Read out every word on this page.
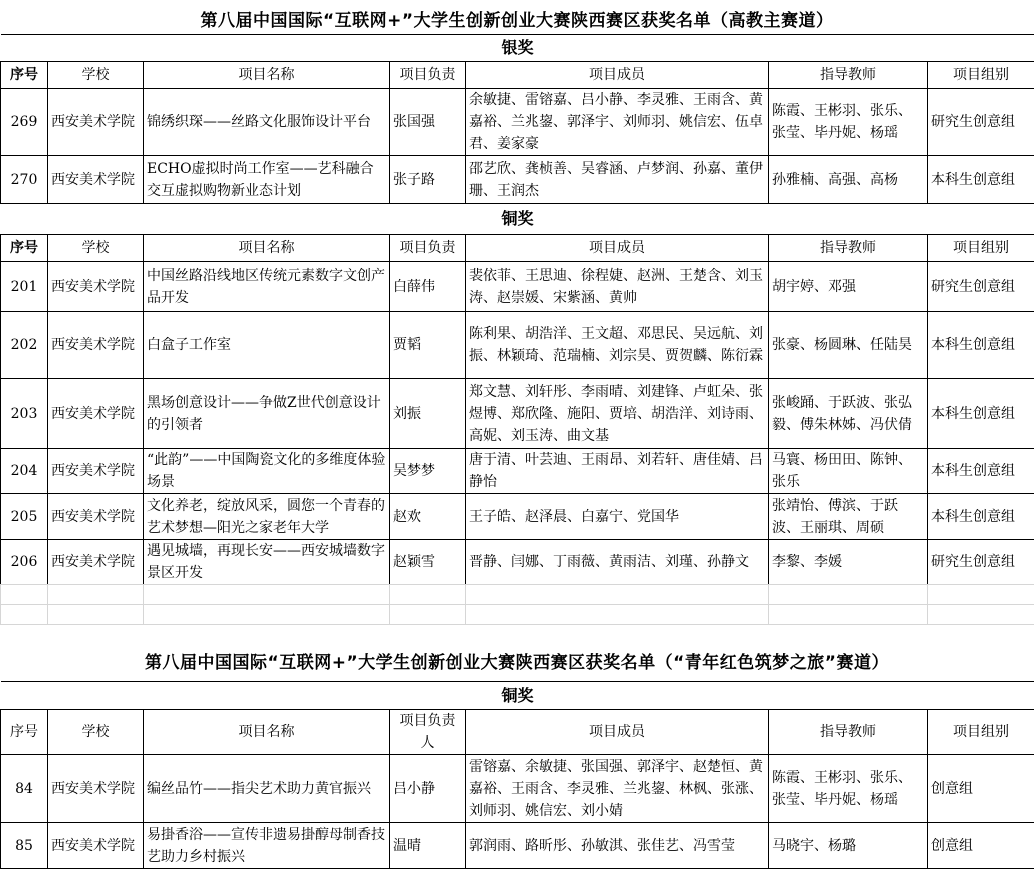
第八届中国国际“互联网+”大学生创新创业大赛陕西赛区获奖名单（高教主赛道）
银奖						
序号	学校	项目名称	项目负责	项目成员	指导教师	项目组别
269	西安美术学院	锦绣织琛——丝路文化服饰设计平台	张国强	余敏捷、雷镕嘉、吕小静、李灵雅、王雨含、黄嘉裕、兰兆鋆、郭泽宇、刘师羽、姚信宏、伍卓君、姜家豪	陈霞、王彬羽、张乐、张莹、毕丹妮、杨瑶	研究生创意组
270	西安美术学院	ECHO虚拟时尚工作室——艺科融合交互虚拟购物新业态计划	张子路	邵艺欣、龚桢善、吴睿涵、卢梦润、孙嘉、董伊珊、王润杰	孙雅楠、高强、高杨	本科生创意组
铜奖						
序号	学校	项目名称	项目负责	项目成员	指导教师	项目组别
201	西安美术学院	中国丝路沿线地区传统元素数字文创产品开发	白薛伟	裴依菲、王思迪、徐程婕、赵洲、王楚含、刘玉涛、赵崇媛、宋紫涵、黄帅	胡宇婷、邓强	研究生创意组
202	西安美术学院	白盒子工作室	贾韬	陈利果、胡浩洋、王文超、邓思民、吴远航、刘振、林颖琦、范瑞楠、刘宗昊、贾贺麟、陈衍霖	张豪、杨圆琳、任陆昊	本科生创意组
203	西安美术学院	黑场创意设计——争做Z世代创意设计的引领者	刘振	郑文慧、刘轩彤、李雨晴、刘建锋、卢虹朵、张煜博、郑欣隆、施阳、贾培、胡浩洋、刘诗雨、高妮、刘玉涛、曲文基	张峻踊、于跃波、张弘毅、傅朱林姊、冯伏倩	本科生创意组
204	西安美术学院	“此韵”——中国陶瓷文化的多维度体验场景	吴梦梦	唐于清、叶芸迪、王雨昂、刘若轩、唐佳婧、吕静怡	马寰、杨田田、陈钟、张乐	本科生创意组
205	西安美术学院	文化养老，绽放风采，圆您一个青春的艺术梦想—阳光之家老年大学	赵欢	王子皓、赵泽晨、白嘉宁、党国华	张靖怡、傅滨、于跃波、王丽琪、周硕	本科生创意组
206	西安美术学院	遇见城墙，再现长安——西安城墙数字景区开发	赵颖雪	晋静、闫娜、丁雨薇、黄雨洁、刘瑾、孙静文	李黎、李媛	研究生创意组

第八届中国国际“互联网+”大学生创新创业大赛陕西赛区获奖名单（“青年红色筑梦之旅”赛道）
铜奖						
序号	学校	项目名称	项目负责人	项目成员	指导教师	项目组别
84	西安美术学院	编丝品竹——指尖艺术助力黄官振兴	吕小静	雷镕嘉、余敏捷、张国强、郭泽宇、赵楚恒、黄嘉裕、王雨含、李灵雅、兰兆鋆、林枫、张涨、刘师羽、姚信宏、刘小婧	陈霞、王彬羽、张乐、张莹、毕丹妮、杨瑶	创意组
85	西安美术学院	易掛香浴——宣传非遗易掛醇母制香技艺助力乡村振兴	温晴	郭润雨、路昕彤、孙敏淇、张佳艺、冯雪莹	马晓宇、杨璐	创意组
